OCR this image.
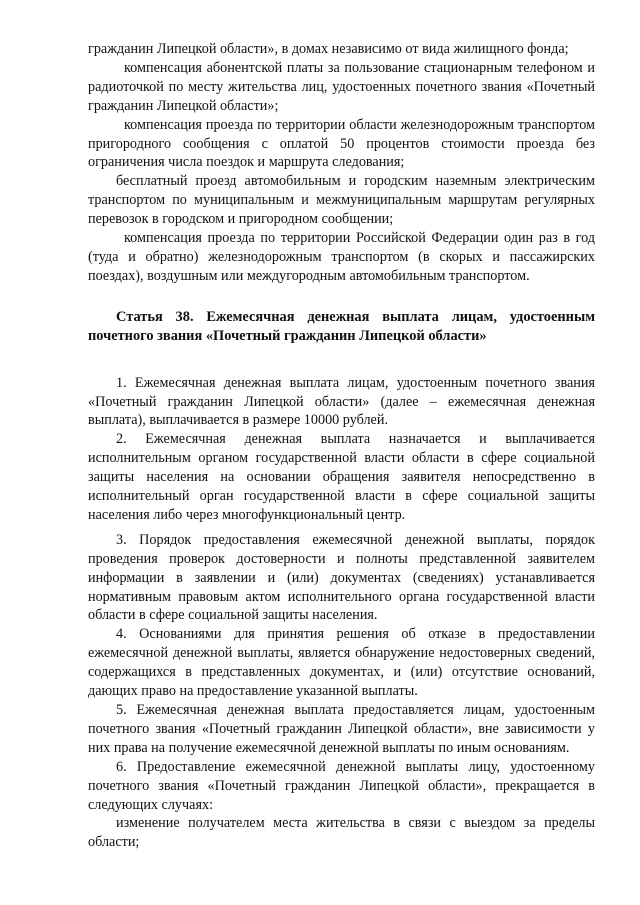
гражданин Липецкой области», в домах независимо от вида жилищного фонда;

компенсация абонентской платы за пользование стационарным телефоном и радиоточкой по месту жительства лиц, удостоенных почетного звания «Почетный гражданин Липецкой области»;

компенсация проезда по территории области железнодорожным транспортом пригородного сообщения с оплатой 50 процентов стоимости проезда без ограничения числа поездок и маршрута следования;

бесплатный проезд автомобильным и городским наземным электрическим транспортом по муниципальным и межмуниципальным маршрутам регулярных перевозок в городском и пригородном сообщении;

компенсация проезда по территории Российской Федерации один раз в год (туда и обратно) железнодорожным транспортом (в скорых и пассажирских поездах), воздушным или междугородным автомобильным транспортом.

Статья 38. Ежемесячная денежная выплата лицам, удостоенным почетного звания «Почетный гражданин Липецкой области»

1. Ежемесячная денежная выплата лицам, удостоенным почетного звания «Почетный гражданин Липецкой области» (далее – ежемесячная денежная выплата), выплачивается в размере 10000 рублей.

2. Ежемесячная денежная выплата назначается и выплачивается исполнительным органом государственной власти области в сфере социальной защиты населения на основании обращения заявителя непосредственно в исполнительный орган государственной власти в сфере социальной защиты населения либо через многофункциональный центр.

3. Порядок предоставления ежемесячной денежной выплаты, порядок проведения проверок достоверности и полноты представленной заявителем информации в заявлении и (или) документах (сведениях) устанавливается нормативным правовым актом исполнительного органа государственной власти области в сфере социальной защиты населения.

4. Основаниями для принятия решения об отказе в предоставлении ежемесячной денежной выплаты, является обнаружение недостоверных сведений, содержащихся в представленных документах, и (или) отсутствие оснований, дающих право на предоставление указанной выплаты.

5. Ежемесячная денежная выплата предоставляется лицам, удостоенным почетного звания «Почетный гражданин Липецкой области», вне зависимости у них права на получение ежемесячной денежной выплаты по иным основаниям.

6. Предоставление ежемесячной денежной выплаты лицу, удостоенному почетного звания «Почетный гражданин Липецкой области», прекращается в следующих случаях:

изменение получателем места жительства в связи с выездом за пределы области;
